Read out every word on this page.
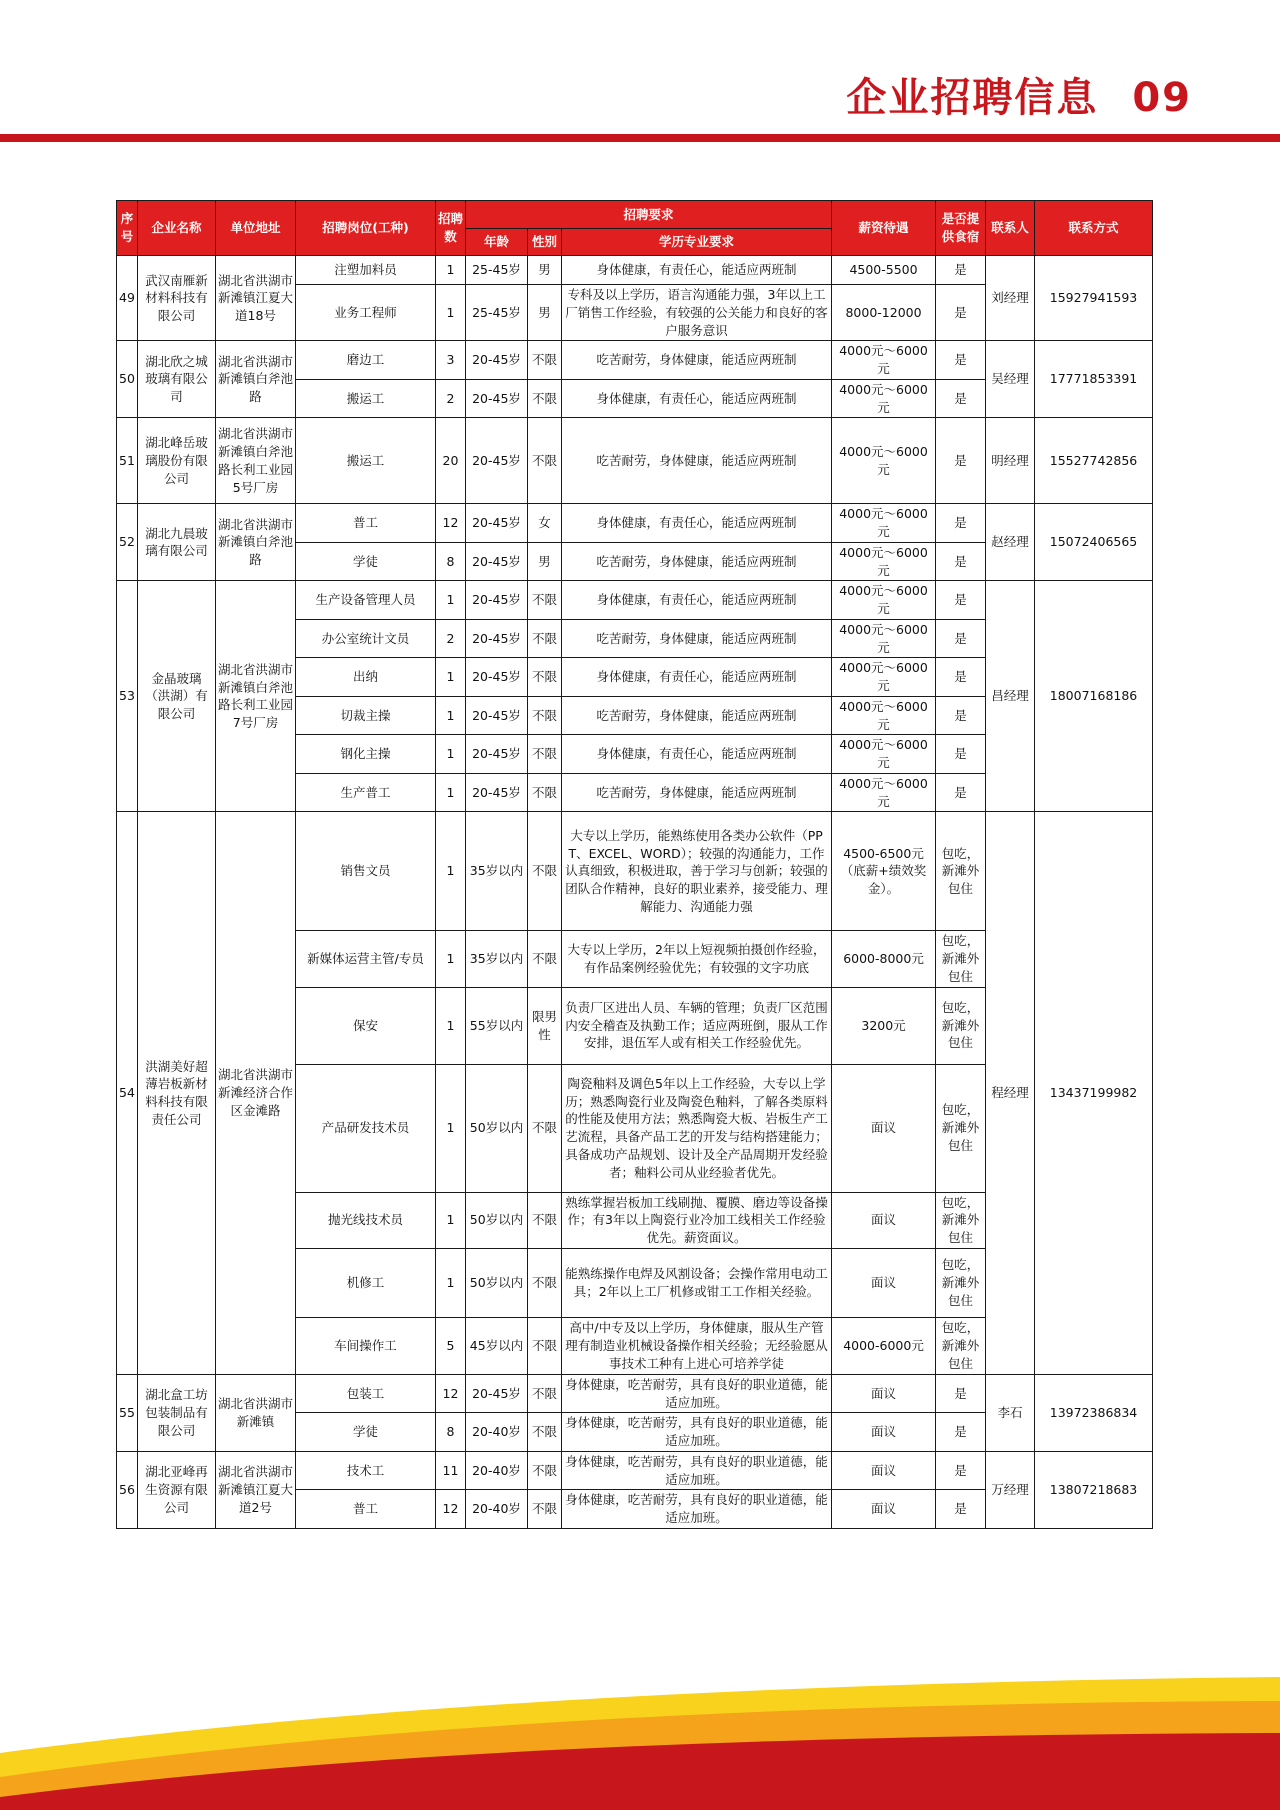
企业招聘信息 09
序号	企业名称	单位地址	招聘岗位(工种)	招聘数	招聘要求			薪资待遇	是否提供食宿	联系人	联系方式
					年龄	性别	学历专业要求				
49	武汉南雁新材料科技有限公司	湖北省洪湖市新滩镇江夏大道18号	注塑加料员	1	25-45岁	男	身体健康，有责任心，能适应两班制	4500-5500	是	刘经理	15927941593
			业务工程师	1	25-45岁	男	专科及以上学历，语言沟通能力强，3年以上工厂销售工作经验，有较强的公关能力和良好的客户服务意识	8000-12000	是		
50	湖北欣之城玻璃有限公司	湖北省洪湖市新滩镇白斧池路	磨边工	3	20-45岁	不限	吃苦耐劳，身体健康，能适应两班制	4000元～6000元	是	吴经理	17771853391
			搬运工	2	20-45岁	不限	身体健康，有责任心，能适应两班制	4000元～6000元	是		
51	湖北峰岳玻璃股份有限公司	湖北省洪湖市新滩镇白斧池路长利工业园5号厂房	搬运工	20	20-45岁	不限	吃苦耐劳，身体健康，能适应两班制	4000元～6000元	是	明经理	15527742856
52	湖北九晨玻璃有限公司	湖北省洪湖市新滩镇白斧池路	普工	12	20-45岁	女	身体健康，有责任心，能适应两班制	4000元～6000元	是	赵经理	15072406565
			学徒	8	20-45岁	男	吃苦耐劳，身体健康，能适应两班制	4000元～6000元	是		
53	金晶玻璃（洪湖）有限公司	湖北省洪湖市新滩镇白斧池路长利工业园7号厂房	生产设备管理人员	1	20-45岁	不限	身体健康，有责任心，能适应两班制	4000元～6000元	是	昌经理	18007168186
			办公室统计文员	2	20-45岁	不限	吃苦耐劳，身体健康，能适应两班制	4000元～6000元	是		
			出纳	1	20-45岁	不限	身体健康，有责任心，能适应两班制	4000元～6000元	是		
			切裁主操	1	20-45岁	不限	吃苦耐劳，身体健康，能适应两班制	4000元～6000元	是		
			钢化主操	1	20-45岁	不限	身体健康，有责任心，能适应两班制	4000元～6000元	是		
			生产普工	1	20-45岁	不限	吃苦耐劳，身体健康，能适应两班制	4000元～6000元	是		
54	洪湖美好超薄岩板新材料科技有限责任公司	湖北省洪湖市新滩经济合作区金滩路	销售文员	1	35岁以内	不限	大专以上学历，能熟练使用各类办公软件（PPT、EXCEL、WORD）；较强的沟通能力，工作认真细致，积极进取，善于学习与创新；较强的团队合作精神，良好的职业素养，接受能力、理解能力、沟通能力强	4500-6500元（底薪+绩效奖金）。	包吃，新滩外包住	程经理	13437199982
			新媒体运营主管/专员	1	35岁以内	不限	大专以上学历，2年以上短视频拍摄创作经验，有作品案例经验优先；有较强的文字功底	6000-8000元	包吃，新滩外包住		
			保安	1	55岁以内	限男性	负责厂区进出人员、车辆的管理；负责厂区范围内安全稽查及执勤工作；适应两班倒，服从工作安排，退伍军人或有相关工作经验优先。	3200元	包吃，新滩外包住		
			产品研发技术员	1	50岁以内	不限	陶瓷釉料及调色5年以上工作经验，大专以上学历；熟悉陶瓷行业及陶瓷色釉料，了解各类原料的性能及使用方法；熟悉陶瓷大板、岩板生产工艺流程，具备产品工艺的开发与结构搭建能力；具备成功产品规划、设计及全产品周期开发经验者；釉料公司从业经验者优先。	面议	包吃，新滩外包住		
			抛光线技术员	1	50岁以内	不限	熟练掌握岩板加工线刷抛、覆膜、磨边等设备操作；有3年以上陶瓷行业冷加工线相关工作经验优先。薪资面议。	面议	包吃，新滩外包住		
			机修工	1	50岁以内	不限	能熟练操作电焊及风割设备；会操作常用电动工具；2年以上工厂机修或钳工工作相关经验。	面议	包吃，新滩外包住		
			车间操作工	5	45岁以内	不限	高中/中专及以上学历，身体健康，服从生产管理有制造业机械设备操作相关经验；无经验愿从事技术工种有上进心可培养学徒	4000-6000元	包吃，新滩外包住		
55	湖北盒工坊包装制品有限公司	湖北省洪湖市新滩镇	包装工	12	20-45岁	不限	身体健康，吃苦耐劳，具有良好的职业道德，能适应加班。	面议	是	李石	13972386834
			学徒	8	20-40岁	不限	身体健康，吃苦耐劳，具有良好的职业道德，能适应加班。	面议	是		
56	湖北亚峰再生资源有限公司	湖北省洪湖市新滩镇江夏大道2号	技术工	11	20-40岁	不限	身体健康，吃苦耐劳，具有良好的职业道德，能适应加班。	面议	是	万经理	13807218683
			普工	12	20-40岁	不限	身体健康，吃苦耐劳，具有良好的职业道德，能适应加班。	面议	是		
